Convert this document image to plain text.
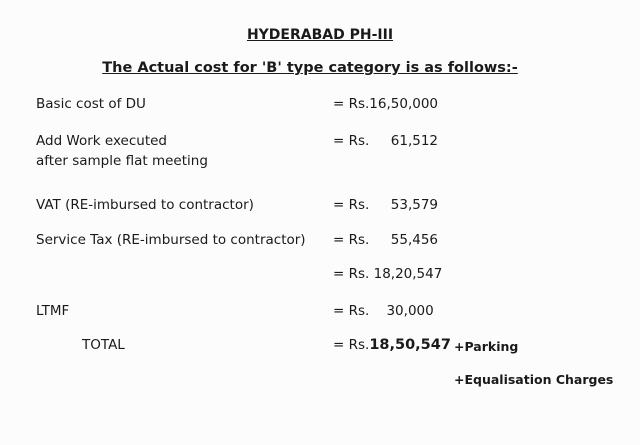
HYDERABAD PH-III
The Actual cost for 'B' type category is as follows:-
Basic cost of DU	= Rs.16,50,000
Add Work executed
after sample flat meeting
= Rs.     61,512
VAT (RE-imbursed to contractor)	= Rs.     53,579
Service Tax (RE-imbursed to contractor) = Rs.     55,456
= Rs. 18,20,547
LTMF	= Rs.    30,000
TOTAL	= Rs.18,50,547 +Parking
+Equalisation Charges
